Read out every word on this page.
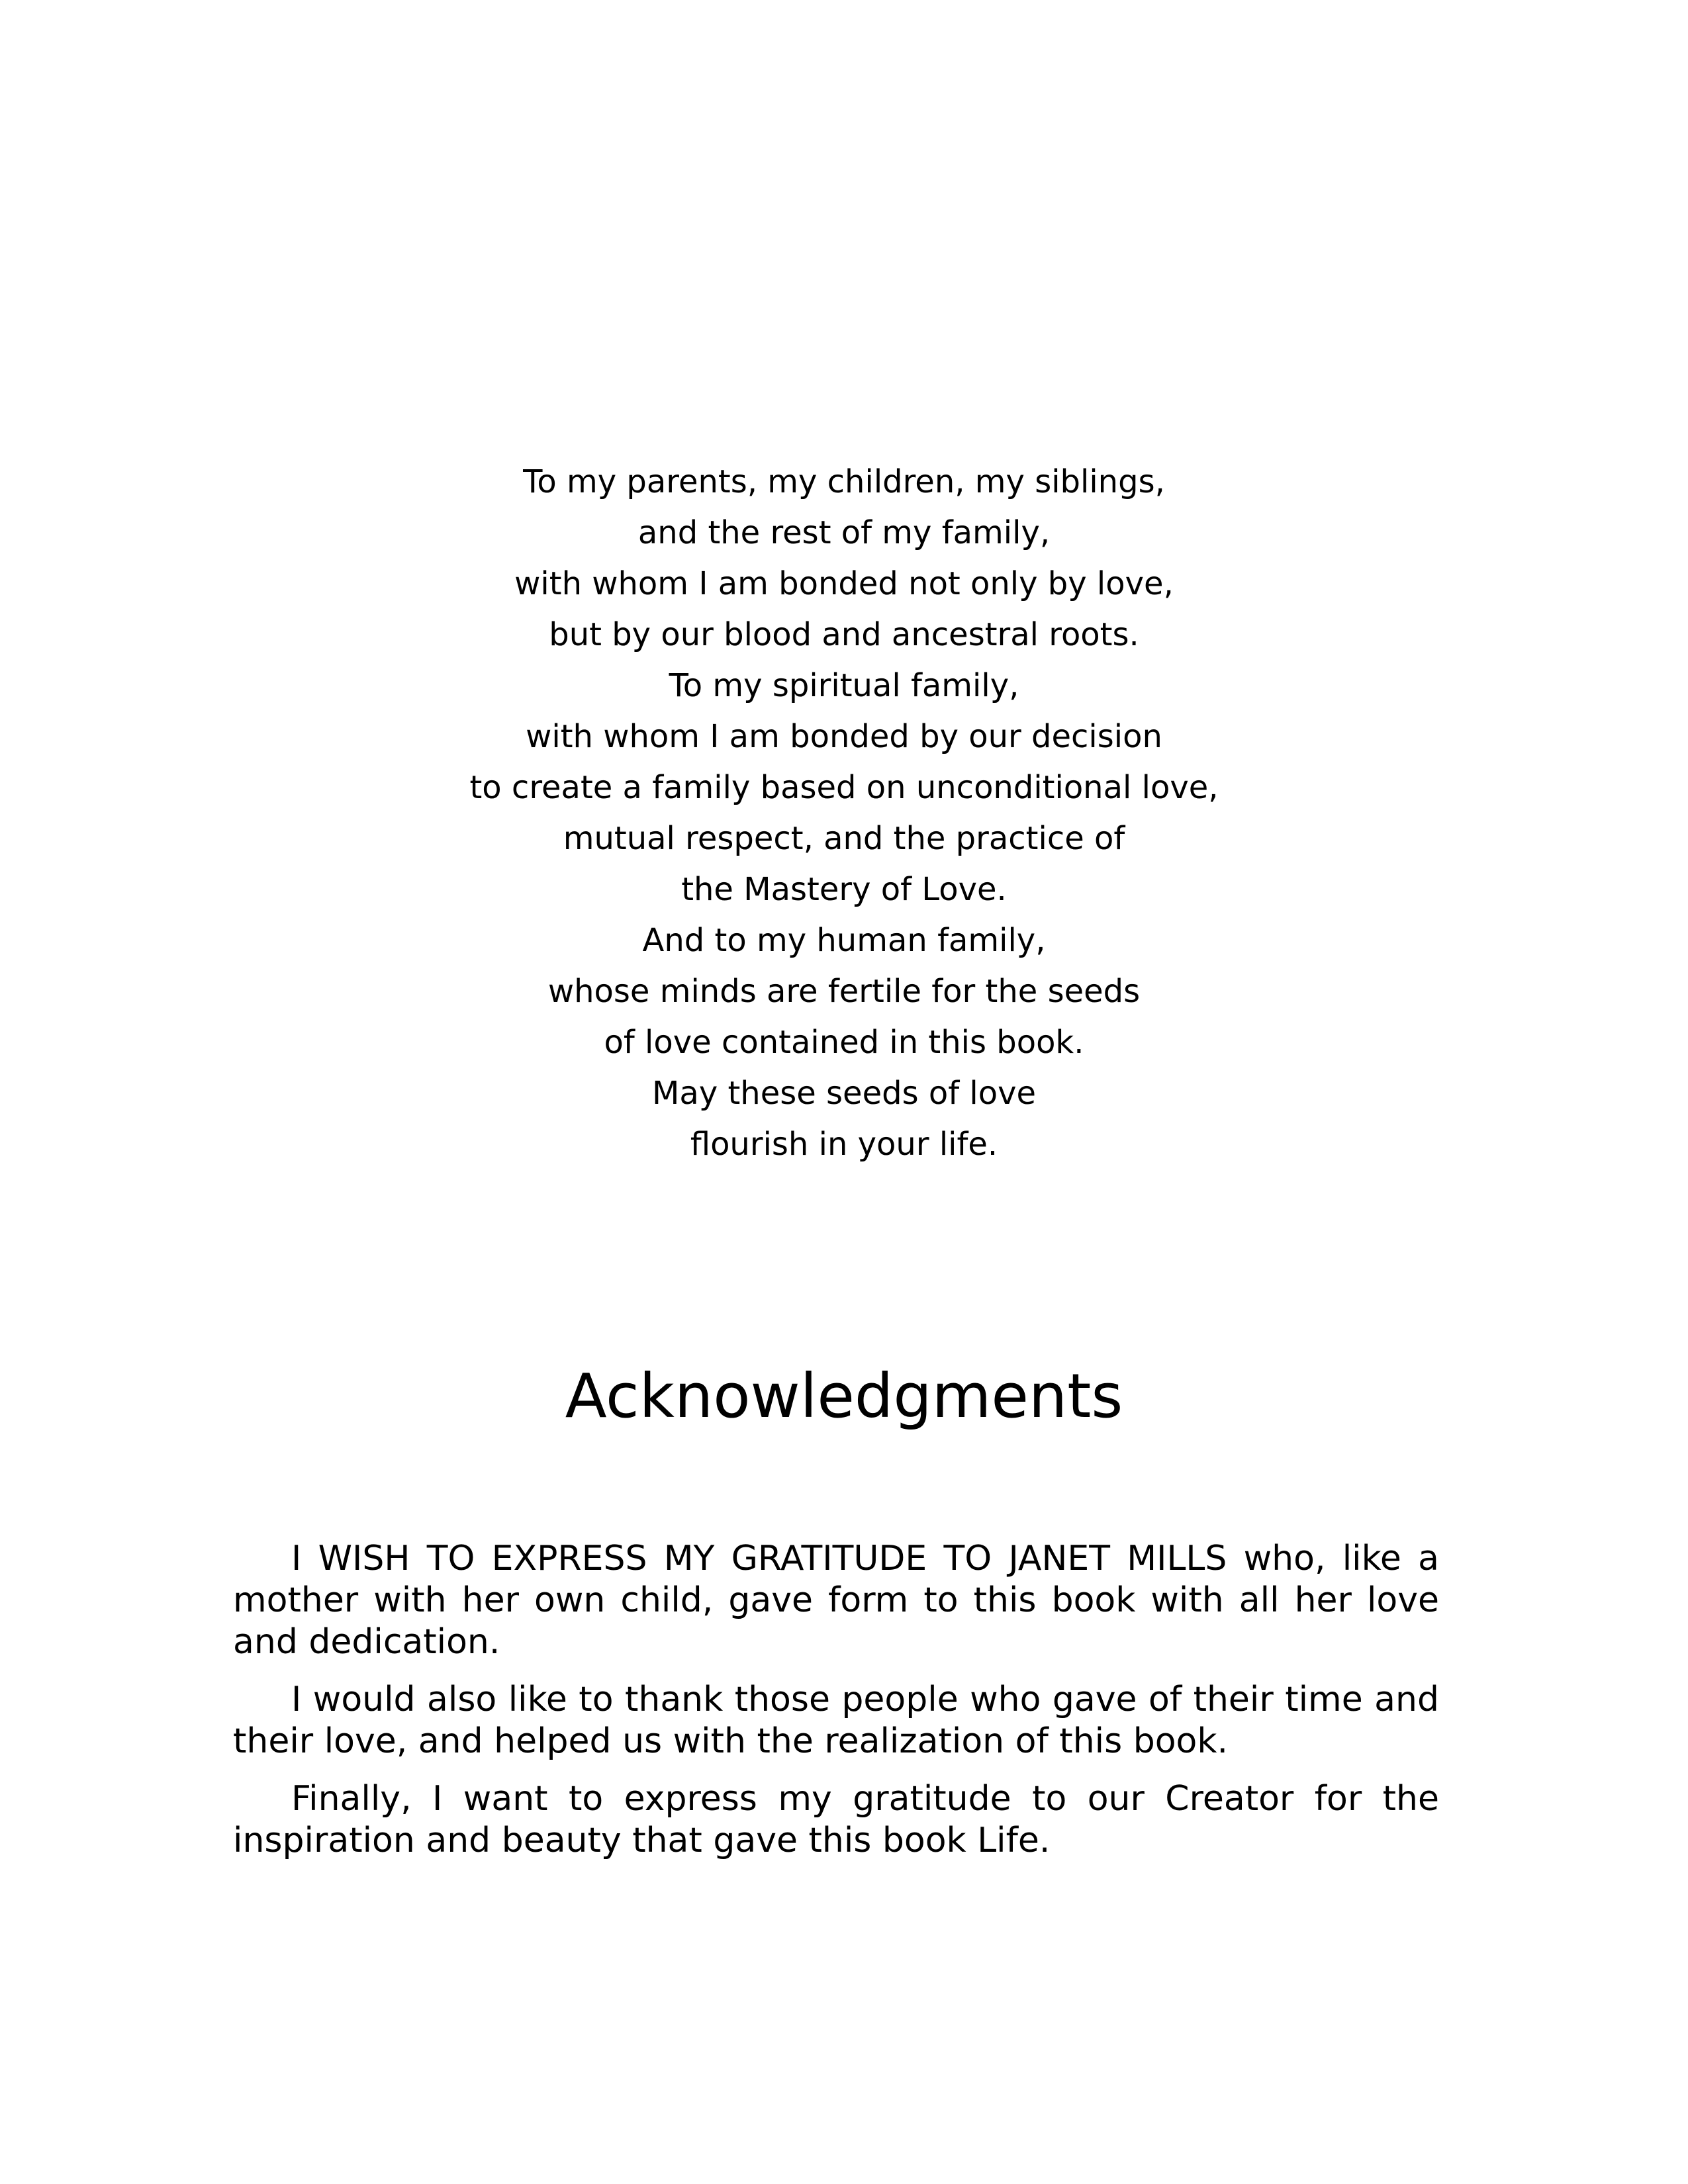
To my parents, my children, my siblings,
and the rest of my family,
with whom I am bonded not only by love,
but by our blood and ancestral roots.
To my spiritual family,
with whom I am bonded by our decision
to create a family based on unconditional love,
mutual respect, and the practice of
the Mastery of Love.
And to my human family,
whose minds are fertile for the seeds
of love contained in this book.
May these seeds of love
flourish in your life.
Acknowledgments

I WISH TO EXPRESS MY GRATITUDE TO JANET MILLS who, like a mother with her own child, gave form to this book with all her love and dedication.

I would also like to thank those people who gave of their time and their love, and helped us with the realization of this book.

Finally, I want to express my gratitude to our Creator for the inspiration and beauty that gave this book Life.
